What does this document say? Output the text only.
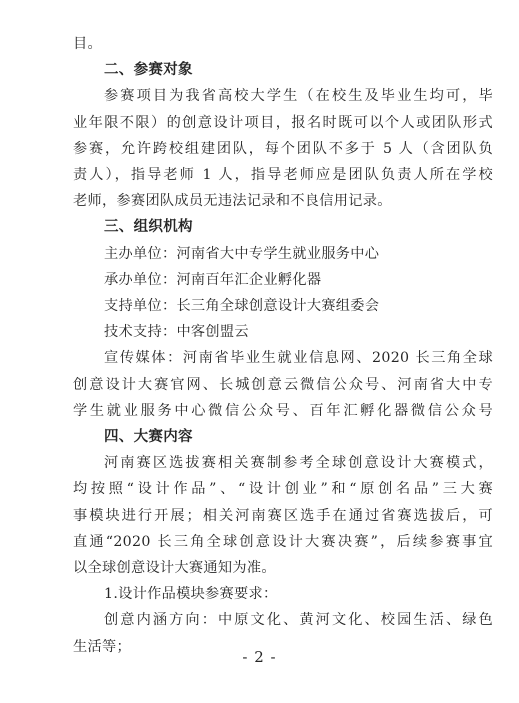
目。
二、参赛对象
参赛项目为我省高校大学生（在校生及毕业生均可，毕
业年限不限）的创意设计项目，报名时既可以个人或团队形式
参赛，允许跨校组建团队，每个团队不多于 5 人（含团队负
责人），指导老师 1 人，指导老师应是团队负责人所在学校
老师，参赛团队成员无违法记录和不良信用记录。
三、组织机构
主办单位：河南省大中专学生就业服务中心
承办单位：河南百年汇企业孵化器
支持单位：长三角全球创意设计大赛组委会
技术支持：中客创盟云
宣传媒体：河南省毕业生就业信息网、2020 长三角全球
创意设计大赛官网、长城创意云微信公众号、河南省大中专
学生就业服务中心微信公众号、百年汇孵化器微信公众号
四、大赛内容
河南赛区选拔赛相关赛制参考全球创意设计大赛模式，
均按照“设计作品”、“设计创业”和“原创名品”三大赛
事模块进行开展；相关河南赛区选手在通过省赛选拔后，可
直通“2020 长三角全球创意设计大赛决赛”，后续参赛事宜
以全球创意设计大赛通知为准。
1.设计作品模块参赛要求：
创意内涵方向：中原文化、黄河文化、校园生活、绿色
生活等；
- 2 -
